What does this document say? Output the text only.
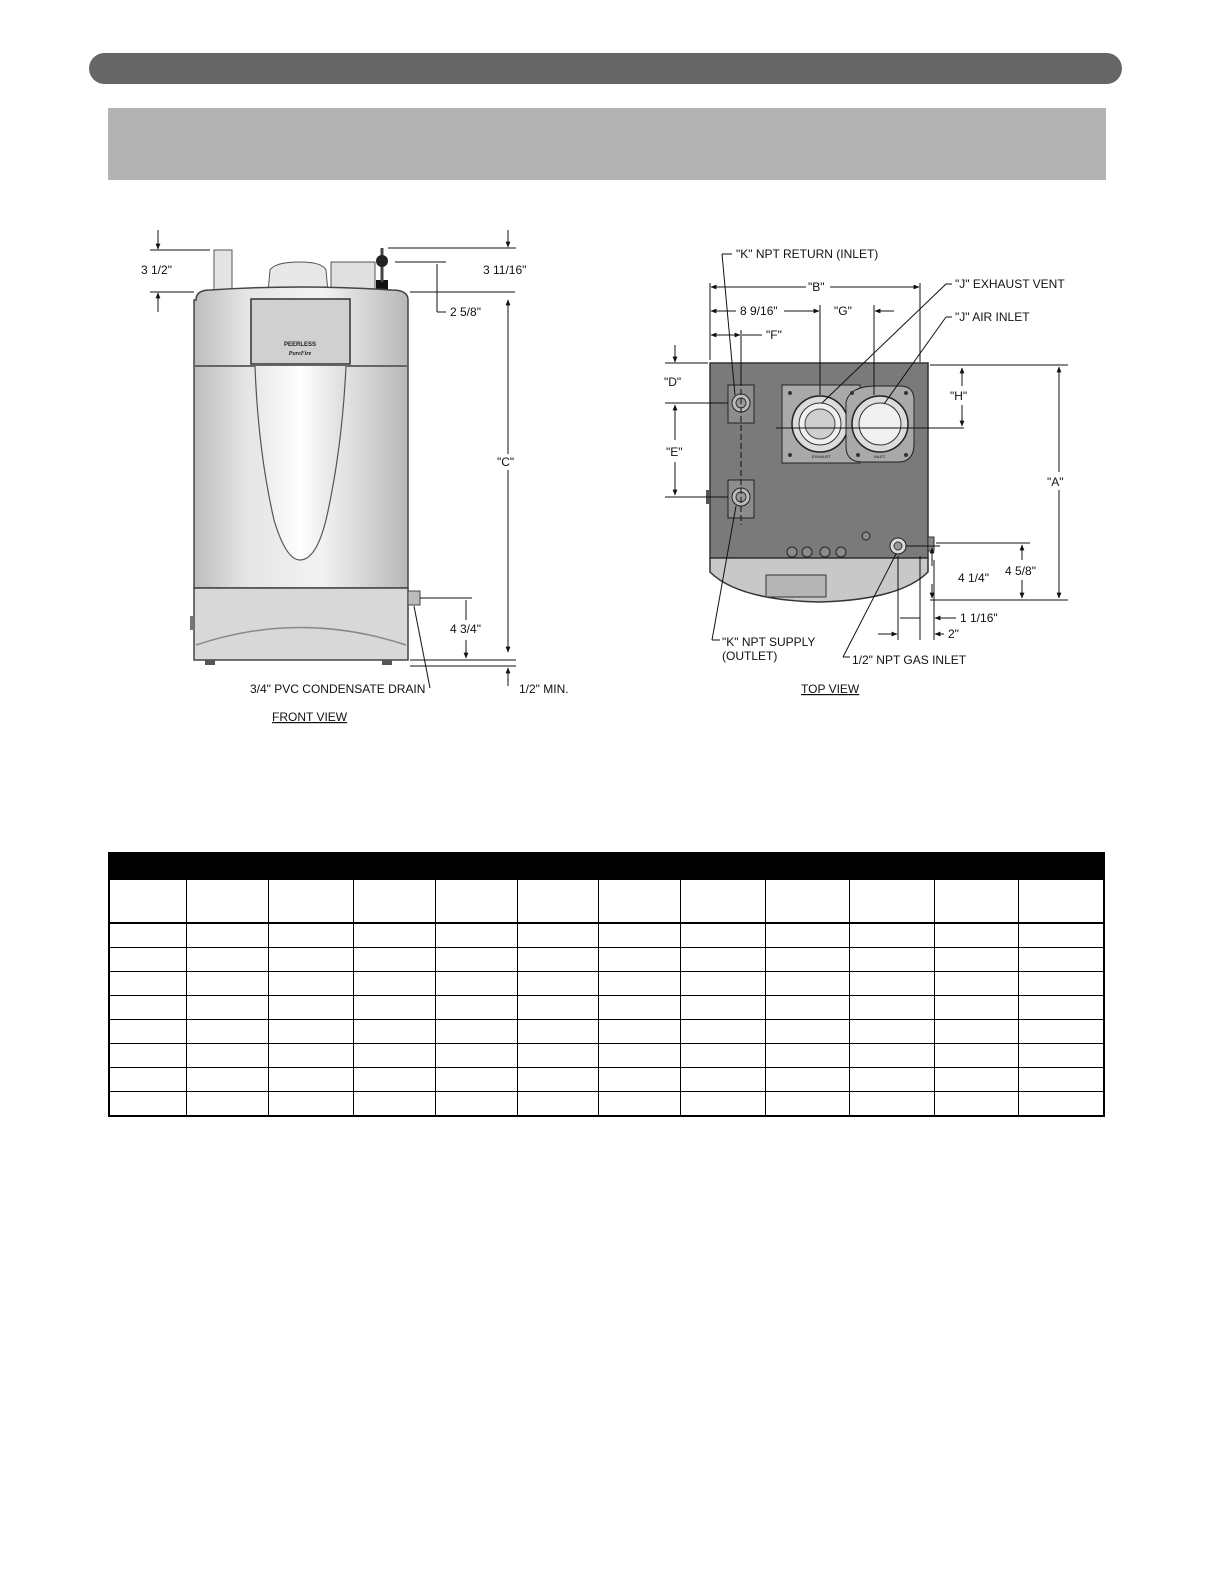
PEERLESS
PureFire
3 1/2"	3 11/16"
2 5/8"
"C"
4 3/4"
1/2" MIN.
3/4" PVC CONDENSATE DRAIN
FRONT VIEW
EXHAUST	INLET
"B"
8 9/16"	"G"
"F"
"D"
"E"
"H"
"A"
4 5/8"
4 1/4"
1 1/16"
2"
"K" NPT RETURN (INLET)
"J" EXHAUST VENT
"J" AIR INLET
"K" NPT SUPPLY
(OUTLET)	1/2" NPT GAS INLET
TOP VIEW
